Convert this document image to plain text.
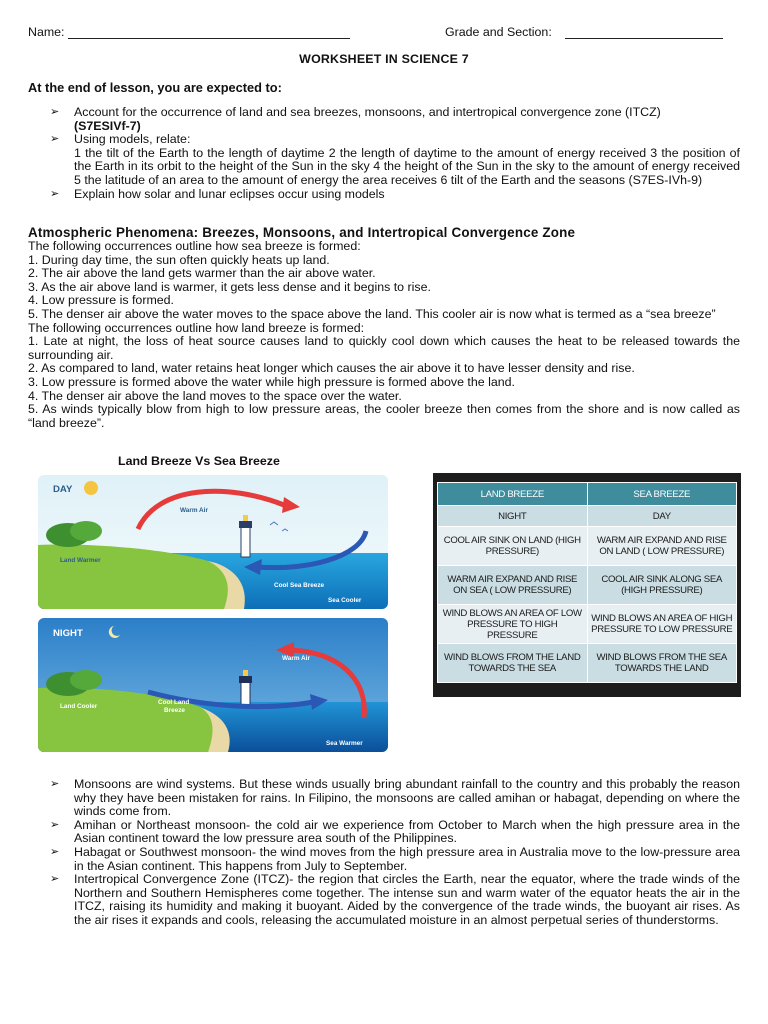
Name:	Grade and Section:
WORKSHEET IN SCIENCE 7
At the end of lesson, you are expected to:
➢ Account for the occurrence of land and sea breezes, monsoons, and intertropical convergence zone (ITCZ)
(S7ESIVf-7)
➢ Using models, relate:
1 the tilt of the Earth to the length of daytime 2 the length of daytime to the amount of energy received 3 the position of the Earth in its orbit to the height of the Sun in the sky 4 the height of the Sun in the sky to the amount of energy received 5 the latitude of an area to the amount of energy the area receives 6 tilt of the Earth and the seasons (S7ES-IVh-9)
➢ Explain how solar and lunar eclipses occur using models
Atmospheric Phenomena: Breezes, Monsoons, and Intertropical Convergence Zone

The following occurrences outline how sea breeze is formed:

1. During day time, the sun often quickly heats up land.

2. The air above the land gets warmer than the air above water.

3. As the air above land is warmer, it gets less dense and it begins to rise.

4. Low pressure is formed.

5. The denser air above the water moves to the space above the land. This cooler air is now what is termed as a “sea breeze”

The following occurrences outline how land breeze is formed:

1. Late at night, the loss of heat source causes land to quickly cool down which causes the heat to be released towards the surrounding air.

2. As compared to land, water retains heat longer which causes the air above it to have lesser density and rise.

3. Low pressure is formed above the water while high pressure is formed above the land.

4. The denser air above the land moves to the space over the water.

5. As winds typically blow from high to low pressure areas, the cooler breeze then comes from the shore and is now called as “land breeze”.

Land Breeze Vs Sea Breeze
DAY
Warm Air
Land Warmer
Cool Sea Breeze
Sea Cooler
NIGHT
Warm Air
Land Cooler
Cool Land
Breeze
Sea Warmer
LAND BREEZE	SEA BREEZE
NIGHT	DAY
COOL AIR SINK ON LAND (HIGH PRESSURE)	WARM AIR EXPAND AND RISE ON LAND ( LOW PRESSURE)
WARM AIR EXPAND AND RISE ON SEA ( LOW PRESSURE)	COOL AIR SINK ALONG SEA (HIGH PRESSURE)
WIND BLOWS AN AREA OF LOW PRESSURE TO HIGH PRESSURE	WIND BLOWS AN AREA OF HIGH PRESSURE TO LOW PRESSURE
WIND BLOWS FROM THE LAND TOWARDS THE SEA	WIND BLOWS FROM THE SEA TOWARDS THE LAND
➢ Monsoons are wind systems. But these winds usually bring abundant rainfall to the country and this probably the reason why they have been mistaken for rains. In Filipino, the monsoons are called amihan or habagat, depending on where the winds come from.
➢ Amihan or Northeast monsoon- the cold air we experience from October to March when the high pressure area in the Asian continent toward the low pressure area south of the Philippines.
➢ Habagat or Southwest monsoon- the wind moves from the high pressure area in Australia move to the low-pressure area in the Asian continent. This happens from July to September.
➢ Intertropical Convergence Zone (ITCZ)- the region that circles the Earth, near the equator, where the trade winds of the Northern and Southern Hemispheres come together. The intense sun and warm water of the equator heats the air in the ITCZ, raising its humidity and making it buoyant. Aided by the convergence of the trade winds, the buoyant air rises. As the air rises it expands and cools, releasing the accumulated moisture in an almost perpetual series of thunderstorms.
